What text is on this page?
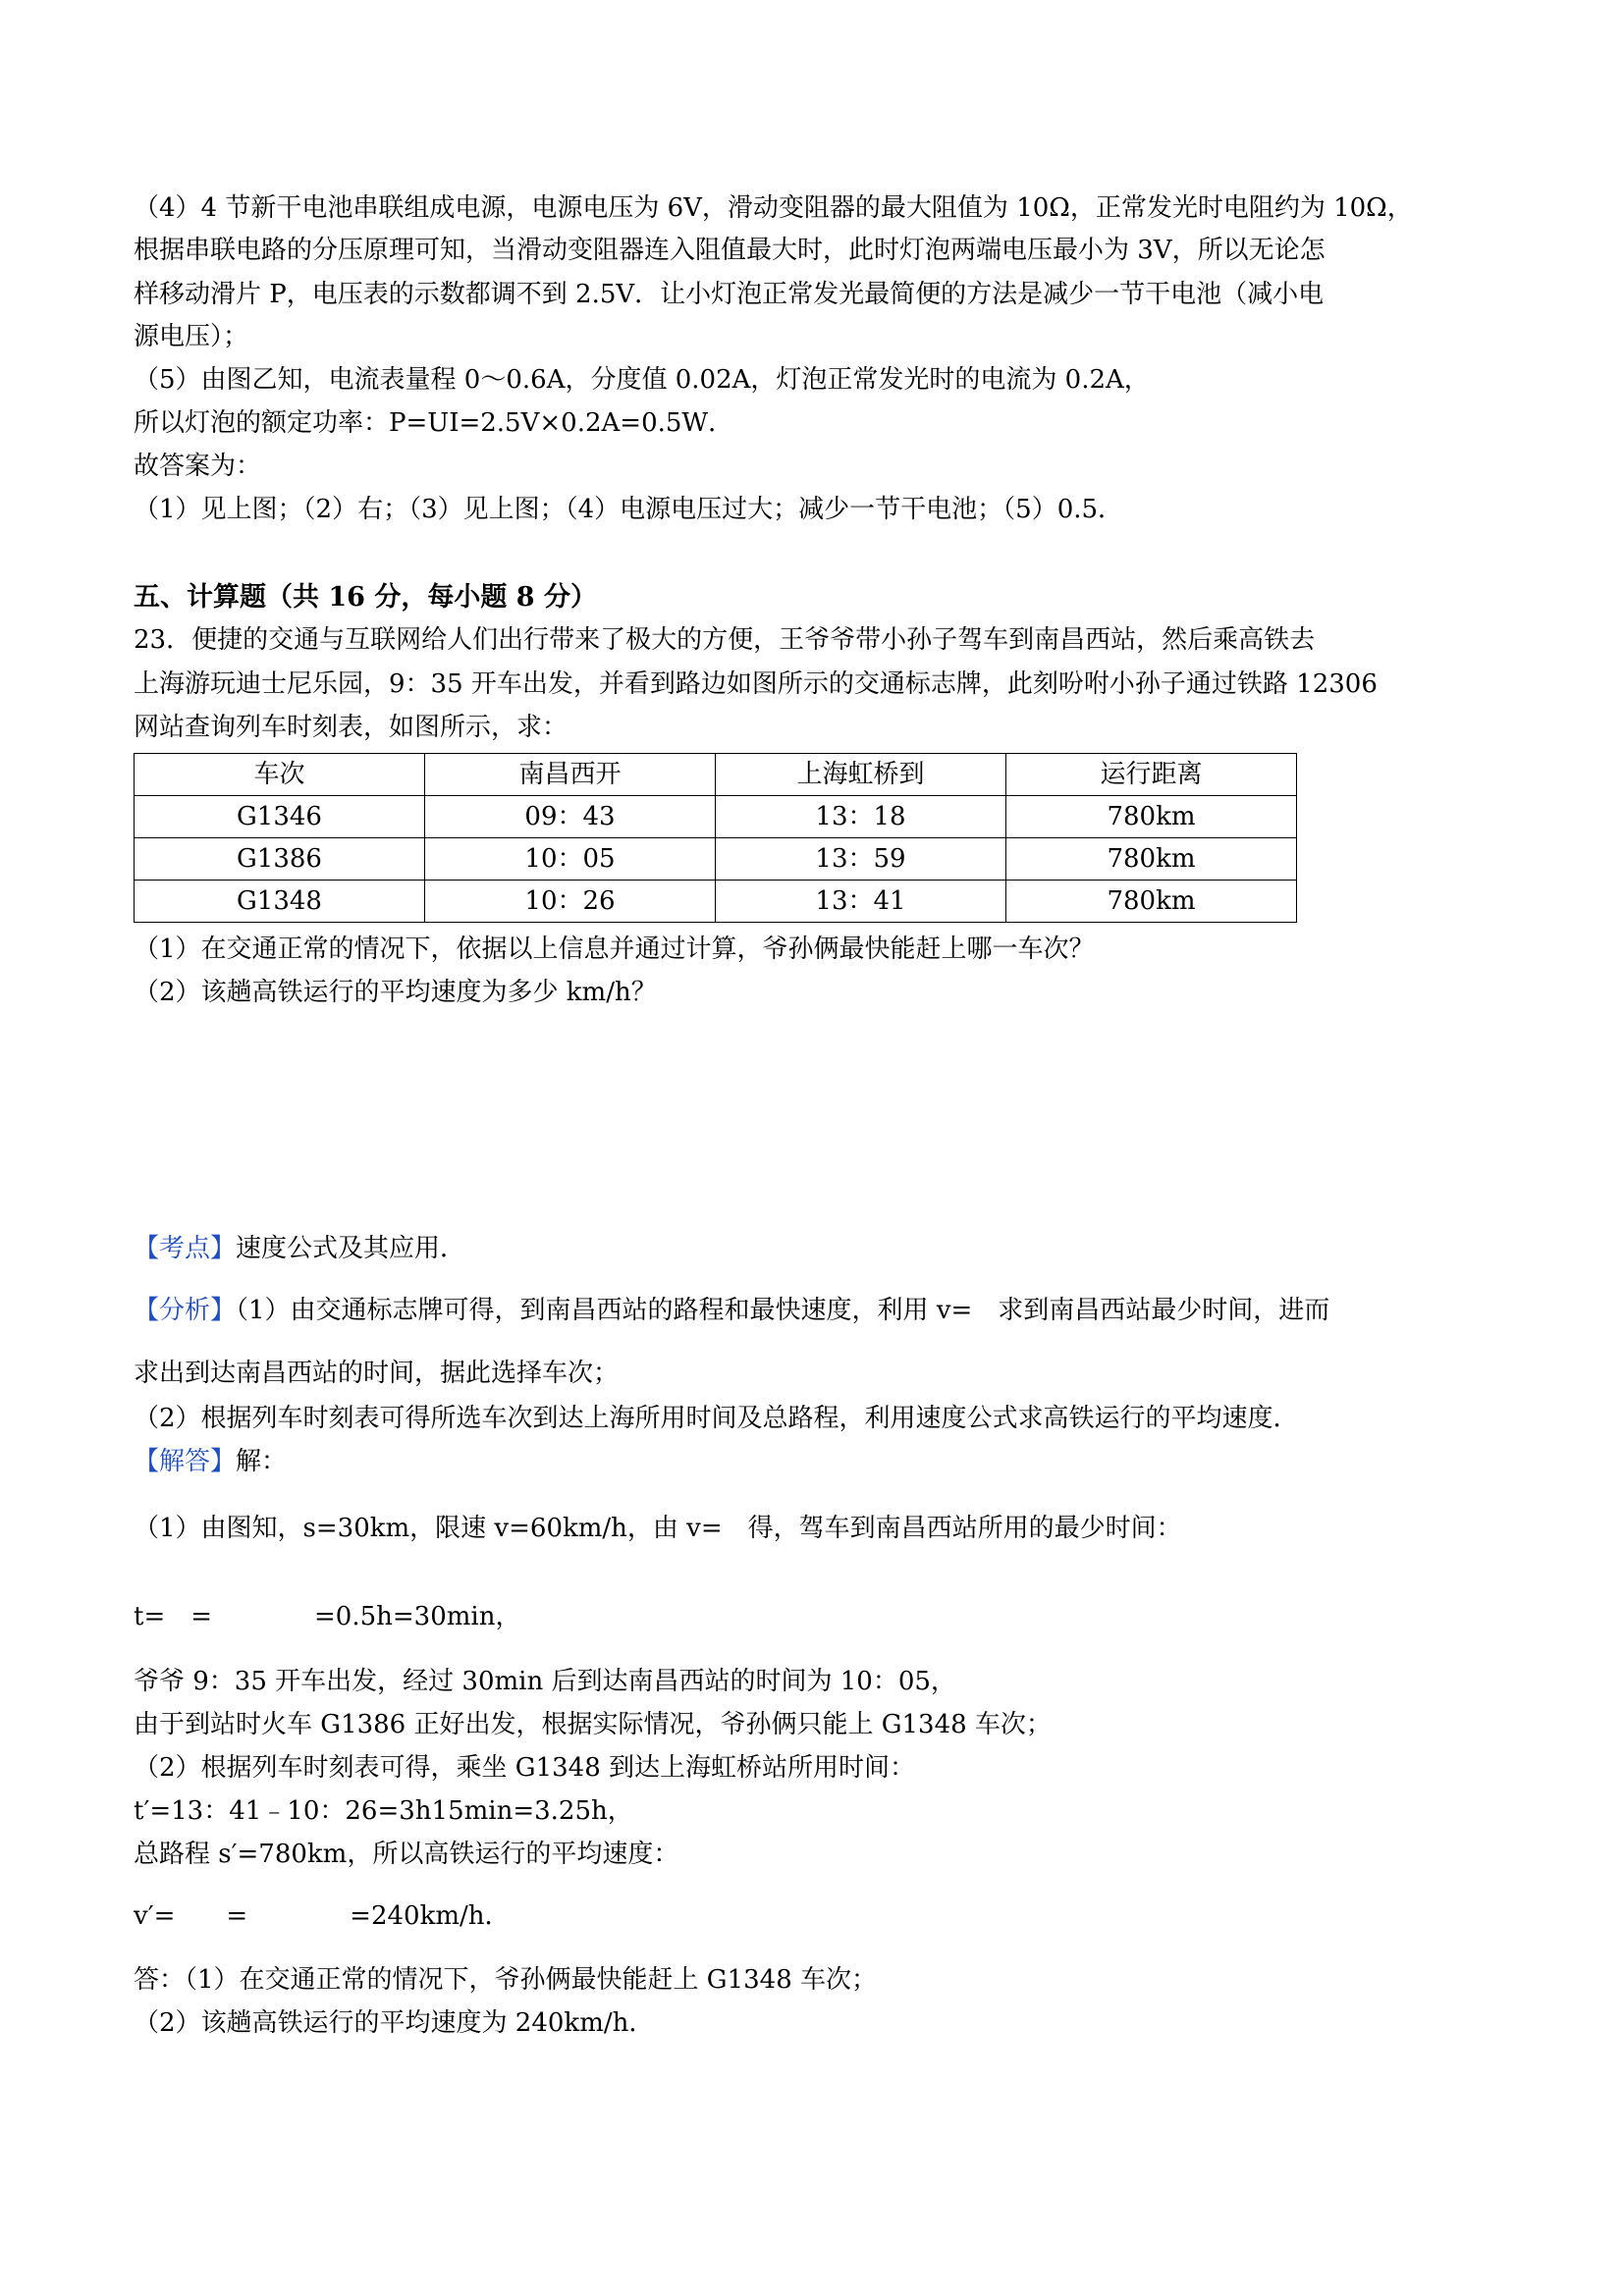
（4）4 节新干电池串联组成电源，电源电压为 6V，滑动变阻器的最大阻值为 10Ω，正常发光时电阻约为 10Ω，
根据串联电路的分压原理可知，当滑动变阻器连入阻值最大时，此时灯泡两端电压最小为 3V，所以无论怎
样移动滑片 P，电压表的示数都调不到 2.5V．让小灯泡正常发光最简便的方法是减少一节干电池（减小电
源电压）；
（5）由图乙知，电流表量程 0～0.6A，分度值 0.02A，灯泡正常发光时的电流为 0.2A，
所以灯泡的额定功率：P=UI=2.5V×0.2A=0.5W．
故答案为：
（1）见上图；（2）右；（3）见上图；（4）电源电压过大；减少一节干电池；（5）0.5．
五、计算题（共 16 分，每小题 8 分）
23．便捷的交通与互联网给人们出行带来了极大的方便，王爷爷带小孙子驾车到南昌西站，然后乘高铁去
上海游玩迪士尼乐园，9：35 开车出发，并看到路边如图所示的交通标志牌，此刻吩咐小孙子通过铁路 12306
网站查询列车时刻表，如图所示，求：
车次	南昌西开	上海虹桥到	运行距离
G1346	09：43	13：18	780km
G1386	10：05	13：59	780km
G1348	10：26	13：41	780km
（1）在交通正常的情况下，依据以上信息并通过计算，爷孙俩最快能赶上哪一车次？
（2）该趟高铁运行的平均速度为多少 km/h？
【考点】速度公式及其应用．
【分析】（1）由交通标志牌可得，到南昌西站的路程和最快速度，利用 v=　求到南昌西站最少时间，进而
求出到达南昌西站的时间，据此选择车次；
（2）根据列车时刻表可得所选车次到达上海所用时间及总路程，利用速度公式求高铁运行的平均速度．
【解答】解：
（1）由图知，s=30km，限速 v=60km/h，由 v=　得，驾车到南昌西站所用的最少时间：
t=　=　　　　=0.5h=30min，
爷爷 9：35 开车出发，经过 30min 后到达南昌西站的时间为 10：05，
由于到站时火车 G1386 正好出发，根据实际情况，爷孙俩只能上 G1348 车次；
（2）根据列车时刻表可得，乘坐 G1348 到达上海虹桥站所用时间：
t′=13：41﹣10：26=3h15min=3.25h，
总路程 s′=780km，所以高铁运行的平均速度：
v′=　　=　　　　=240km/h．
答：（1）在交通正常的情况下，爷孙俩最快能赶上 G1348 车次；
（2）该趟高铁运行的平均速度为 240km/h．
